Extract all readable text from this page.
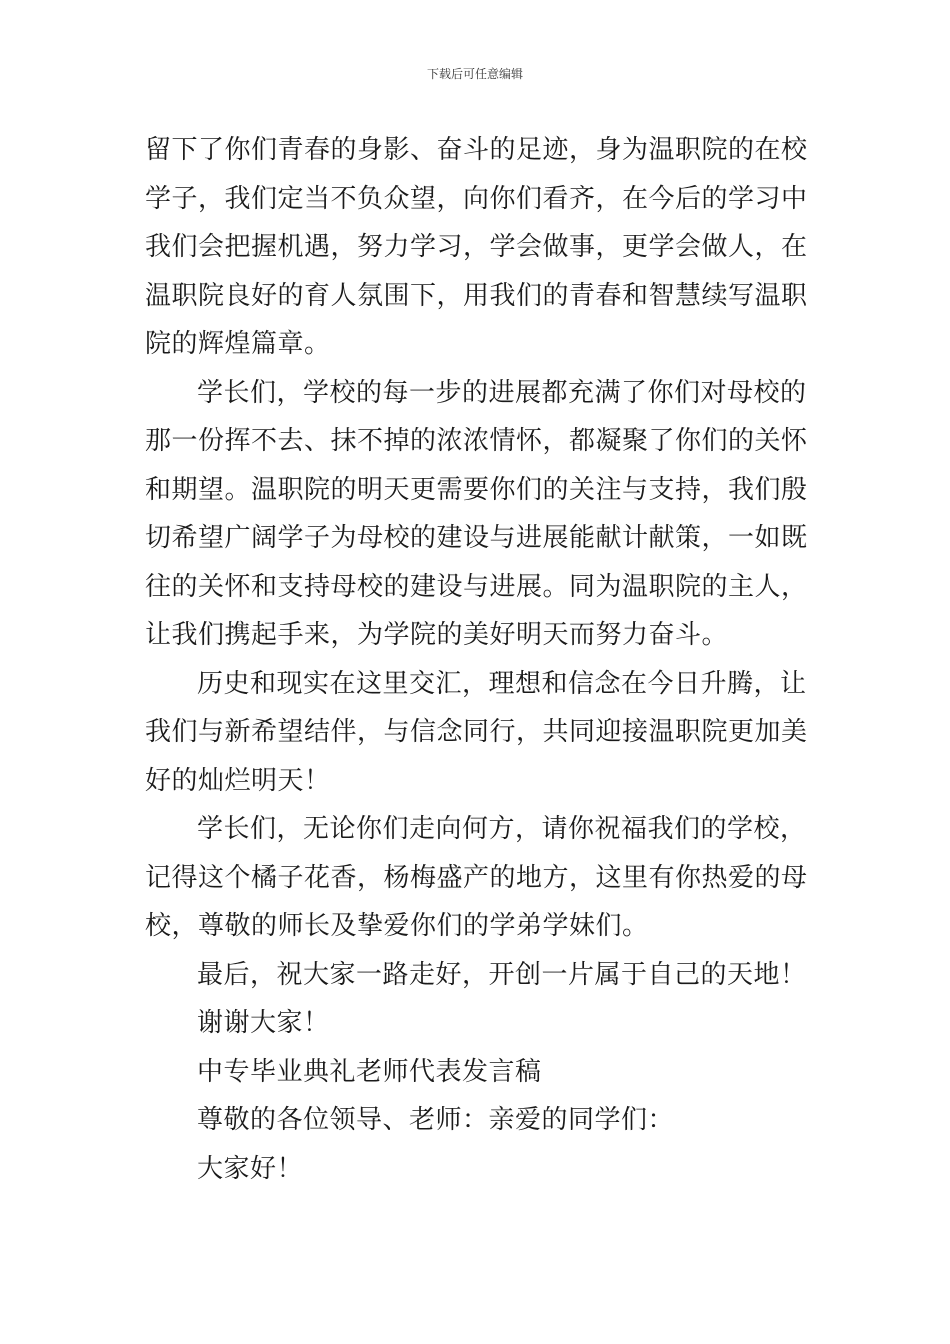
下载后可任意编辑
留下了你们青春的身影、奋斗的足迹，身为温职院的在校
学子，我们定当不负众望，向你们看齐，在今后的学习中
我们会把握机遇，努力学习，学会做事，更学会做人，在
温职院良好的育人氛围下，用我们的青春和智慧续写温职
院的辉煌篇章。
学长们，学校的每一步的进展都充满了你们对母校的
那一份挥不去、抹不掉的浓浓情怀，都凝聚了你们的关怀
和期望。温职院的明天更需要你们的关注与支持，我们殷
切希望广阔学子为母校的建设与进展能献计献策，一如既
往的关怀和支持母校的建设与进展。同为温职院的主人，
让我们携起手来，为学院的美好明天而努力奋斗。
历史和现实在这里交汇，理想和信念在今日升腾，让
我们与新希望结伴，与信念同行，共同迎接温职院更加美
好的灿烂明天！
学长们，无论你们走向何方，请你祝福我们的学校，
记得这个橘子花香，杨梅盛产的地方，这里有你热爱的母
校，尊敬的师长及挚爱你们的学弟学妹们。
最后，祝大家一路走好，开创一片属于自己的天地！
谢谢大家！
中专毕业典礼老师代表发言稿
尊敬的各位领导、老师：亲爱的同学们：
大家好！
